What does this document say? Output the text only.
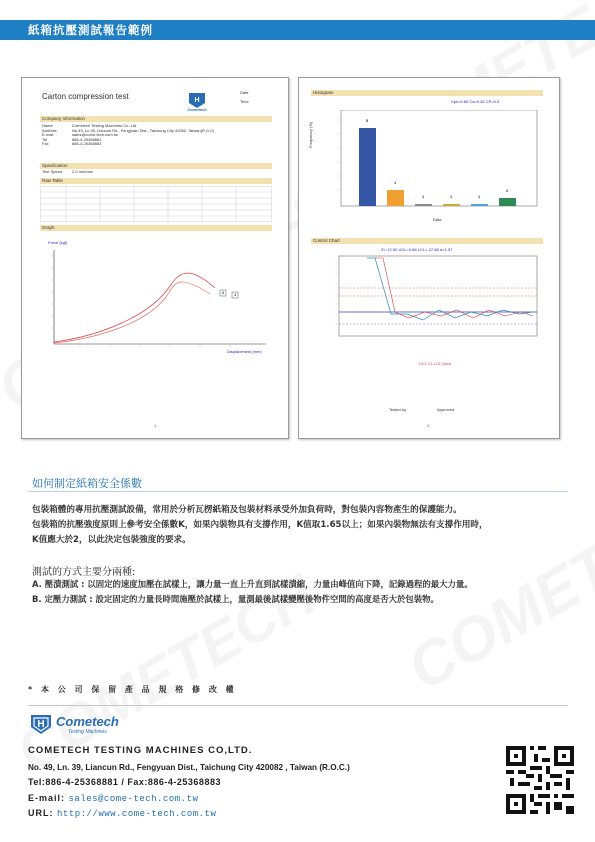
紙箱抗壓測試報告範例
Carton compression test	H
Cometech
Date
Time
Company Information
Name	Cometech Testing Machines Co.,Ltd.
Address	No.49, Ln.39, Liancun Rd., Fengyuan Dist., Taichung City 42082, Taiwan(R.O.C)
E-mail	sales@come-tech.com.tw
Tel	886-4-25368881
Fax	886-4-25368883
Specification
Test Speed	2.0 mm/min
Raw Table
Graph
Force (kgf)
2 1
Displacement (mm)
1
Histogram
Cpk=0.80 Ca=0.26 CP=0.3
Frequency (%)
5
1
1	1	1
2
Data
Control Chart
X̄=-12.00 UCL=3.68 LCL=-27.68 σ=1.57
UCL CL LCL Data
Tested by	Approved
2
如何制定紙箱安全係數
包裝箱體的專用抗壓測試設備，常用於分析瓦楞紙箱及包裝材料承受外加負荷時，對包裝內容物產生的保護能力。
包裝箱的抗壓強度原則上參考安全係數K，如果內裝物具有支撐作用，K值取1.65以上；如果內裝物無法有支撐作用時，
K值應大於2，以此決定包裝強度的要求。
測試的方式主要分兩種:
A. 壓潰測試 : 以固定的速度加壓在試樣上，讓力量一直上升直到試樣潰縮，力量由峰值向下降，記錄過程的最大力量。
B. 定壓力測試 : 設定固定的力量長時間施壓於試樣上，量測最後試樣變壓後物件空間的高度是否大於包裝物。
* 本 公 司 保 留 產 品 規 格 修 改 權
H Cometech
Testing Machines
COMETECH TESTING MACHINES CO,LTD.
No. 49, Ln. 39, Liancun Rd., Fengyuan Dist., Taichung City 420082 , Taiwan (R.O.C.)
Tel:886-4-25368881 / Fax:886-4-25368883
E-mail: sales@come-tech.com.tw
URL: http://www.come-tech.com.tw
